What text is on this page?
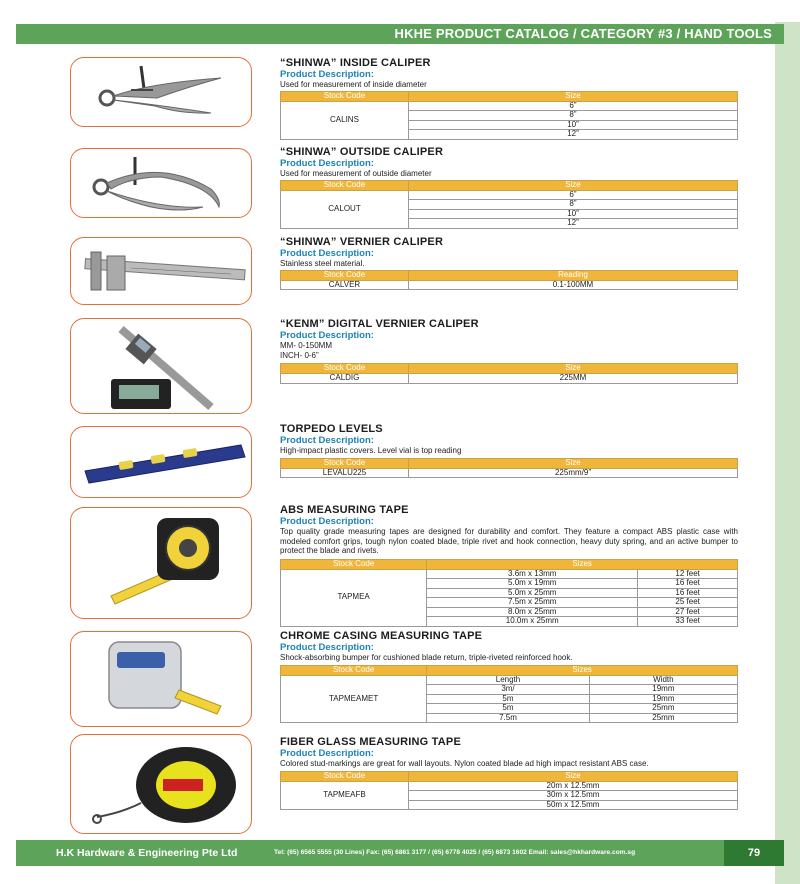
HKHE PRODUCT CATALOG / CATEGORY #3 / HAND TOOLS
“SHINWA” INSIDE CALIPER
Product Description:
Used for measurement of inside diameter
Stock Code	Size
CALINS	6”
	8”
	10”
	12”
“SHINWA” OUTSIDE CALIPER
Product Description:
Used for measurement of outside diameter
Stock Code	Size
CALOUT	6”
	8”
	10”
	12”
“SHINWA” VERNIER CALIPER
Product Description:
Stainless steel material.
Stock Code	Reading
CALVER	0.1-100MM
“KENM” DIGITAL VERNIER CALIPER
Product Description:
MM- 0-150MM
INCH- 0-6”
Stock Code	Size
CALDIG	225MM
TORPEDO LEVELS
Product Description:
High-impact plastic covers. Level vial is top reading
Stock Code	Size
LEVALU225	225mm/9”
ABS MEASURING TAPE
Product Description:
Top quality grade measuring tapes are designed for durability and comfort. They feature a compact ABS plastic case with modeled comfort grips, tough nylon coated blade, triple rivet and hook connection, heavy duty spring, and an active bumper to protect the blade and rivets.
Stock Code	Sizes	
TAPMEA	3.6m x 13mm	12 feet
	5.0m x 19mm	16 feet
	5.0m x 25mm	16 feet
	7.5m x 25mm	25 feet
	8.0m x 25mm	27 feet
	10.0m x 25mm	33 feet
CHROME CASING MEASURING TAPE
Product Description:
Shock-absorbing bumper for cushioned blade return, triple-riveted reinforced hook.
Stock Code	Sizes	
TAPMEAMET	Length	Width
	3m/	19mm
	5m	19mm
	5m	25mm
	7.5m	25mm
FIBER GLASS MEASURING TAPE
Product Description:
Colored stud-markings are great for wall layouts. Nylon coated blade ad high impact resistant ABS case.
Stock Code	Size
TAPMEAFB	20m x 12.5mm
	30m x 12.5mm
	50m x 12.5mm
H.K Hardware & Engineering Pte Ltd	Tel: (65) 6565 5555 (30 Lines) Fax: (65) 6861 3177 / (65) 6778 4025 / (65) 6873 1602 Email: sales@hkhardware.com.sg	79
